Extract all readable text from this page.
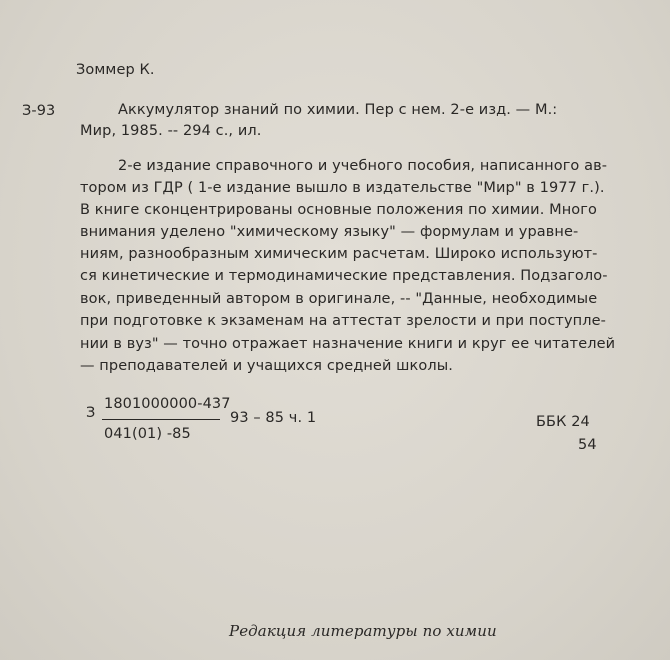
Зоммер К.
З-93	Аккумулятор знаний по химии. Пер с нем. 2-е изд. — М.:
Мир, 1985. -- 294 с., ил.
2-е издание справочного и учебного пособия, написанного ав-
тором из ГДР ( 1-е издание вышло в издательстве "Мир" в 1977 г.).
В книге сконцентрированы основные положения по химии. Много
внимания уделено "химическому языку" — формулам и уравне-
ниям, разнообразным химическим расчетам. Широко используют-
ся кинетические и термодинамические представления. Подзаголо-
вок, приведенный автором в оригинале, -- "Данные, необходимые
при подготовке к экзаменам на аттестат зрелости и при поступле-
нии в вуз" — точно отражает назначение книги и круг ее читателей
— преподавателей и учащихся средней школы.
З
1801000000-437
041(01) -85
93 – 85 ч. 1	ББК 24
54
Редакция литературы по химии
